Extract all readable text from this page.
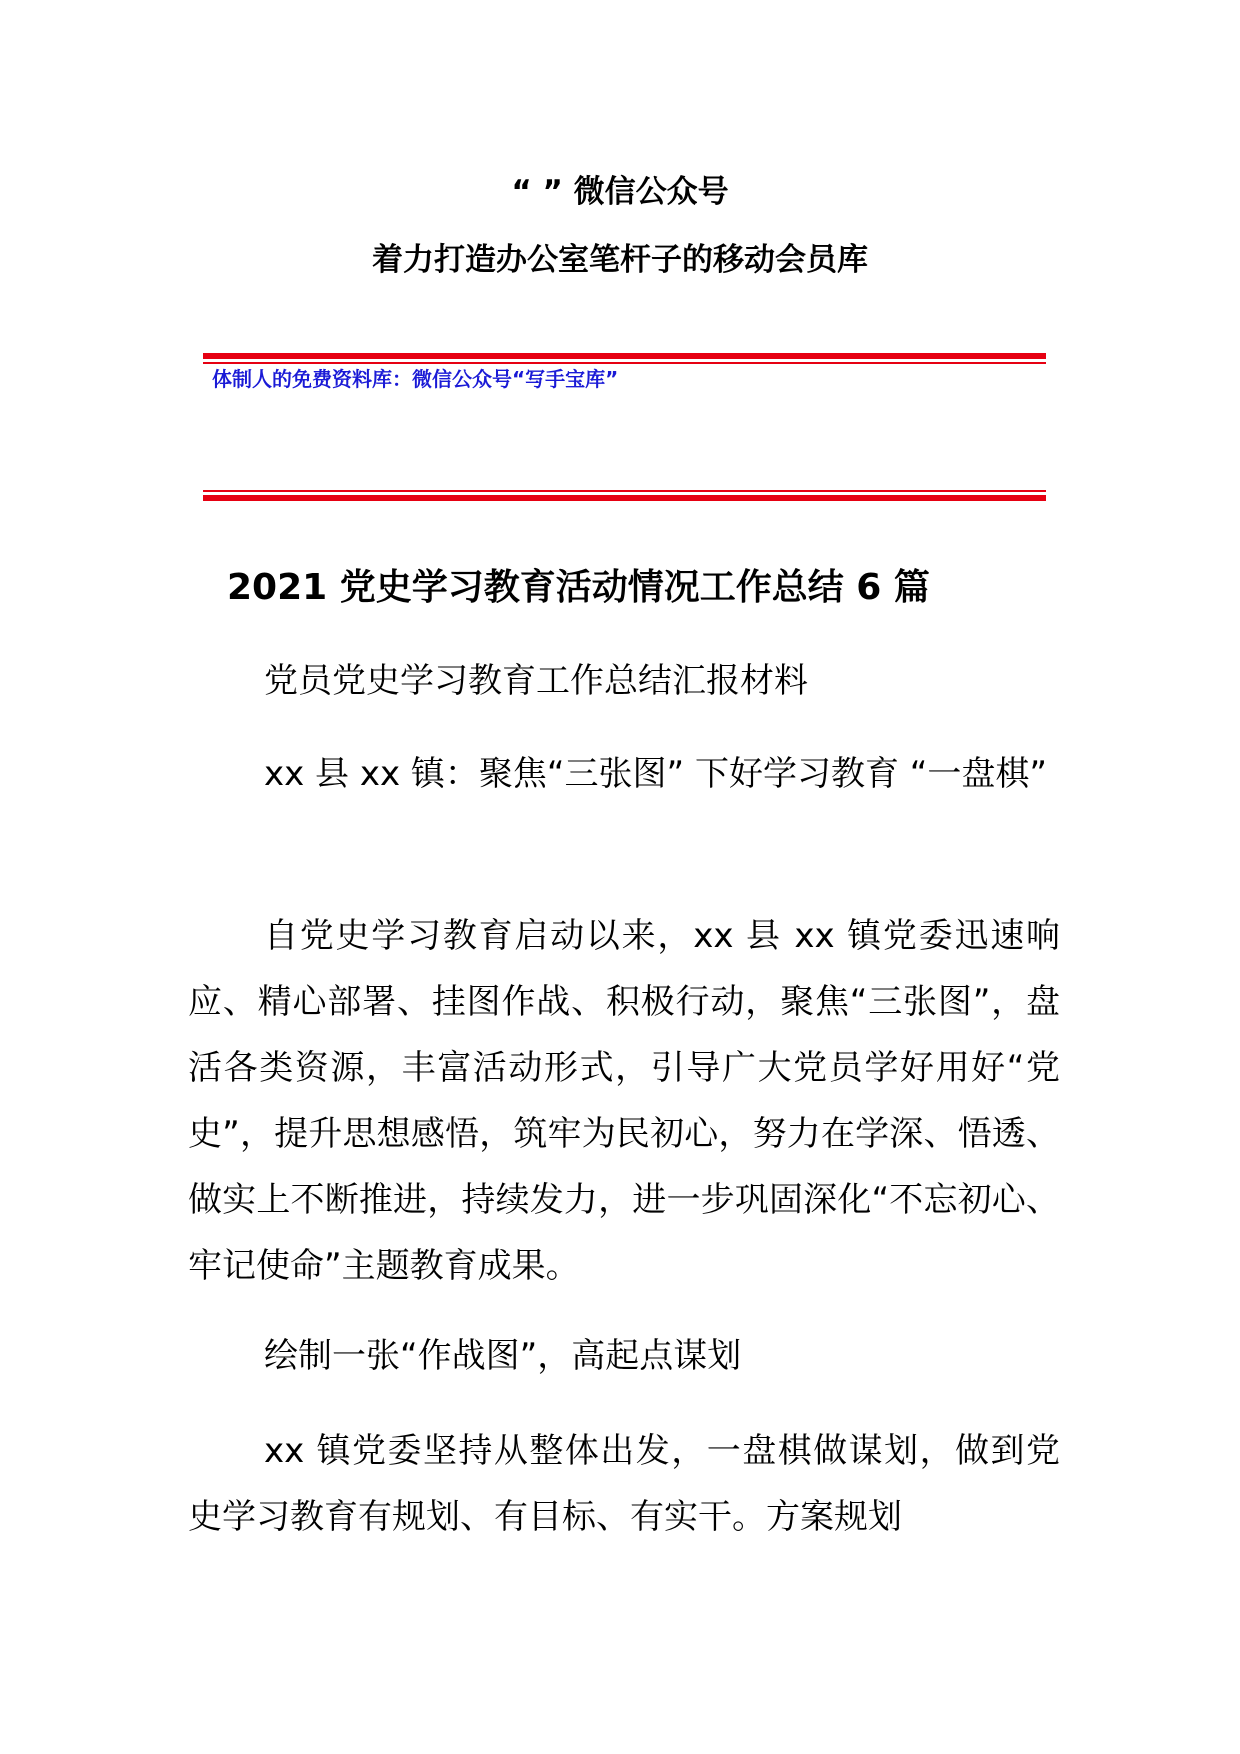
“ ” 微信公众号
着力打造办公室笔杆子的移动会员库
体制人的免费资料库：微信公众号“写手宝库”
2021 党史学习教育活动情况工作总结 6 篇

党员党史学习教育工作总结汇报材料

xx 县 xx 镇：聚焦“三张图” 下好学习教育 “一盘棋”

自党史学习教育启动以来，xx 县 xx 镇党委迅速响应、精心部署、挂图作战、积极行动，聚焦“三张图”，盘活各类资源，丰富活动形式，引导广大党员学好用好“党史”，提升思想感悟，筑牢为民初心，努力在学深、悟透、做实上不断推进，持续发力，进一步巩固深化“不忘初心、牢记使命”主题教育成果。

绘制一张“作战图”，高起点谋划

xx 镇党委坚持从整体出发，一盘棋做谋划，做到党史学习教育有规划、有目标、有实干。方案规划
